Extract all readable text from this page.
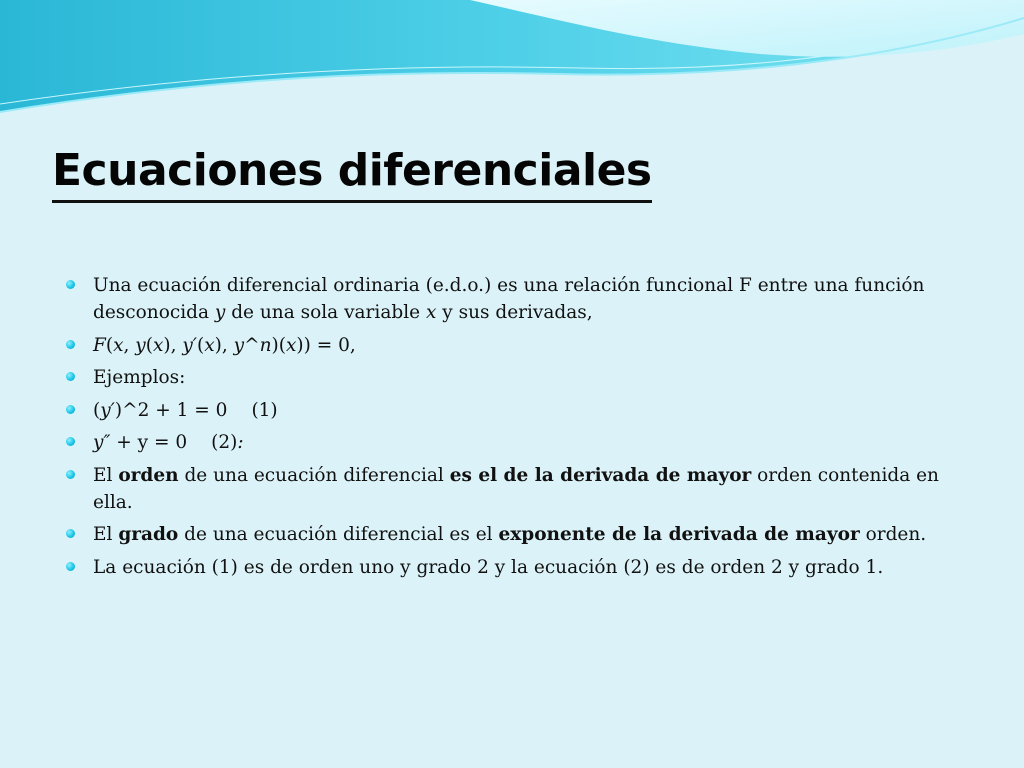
Ecuaciones diferenciales
Una ecuación diferencial ordinaria (e.d.o.) es una relación funcional F entre una función desconocida y de una sola variable x y sus derivadas,
F(x, y(x), y′(x), y^n)(x)) = 0,
Ejemplos:
(y′)^2 + 1 = 0 (1)
y″ + y = 0 (2):
El orden de una ecuación diferencial es el de la derivada de mayor orden contenida en ella.
El grado de una ecuación diferencial es el exponente de la derivada de mayor orden.
La ecuación (1) es de orden uno y grado 2 y la ecuación (2) es de orden 2 y grado 1.
